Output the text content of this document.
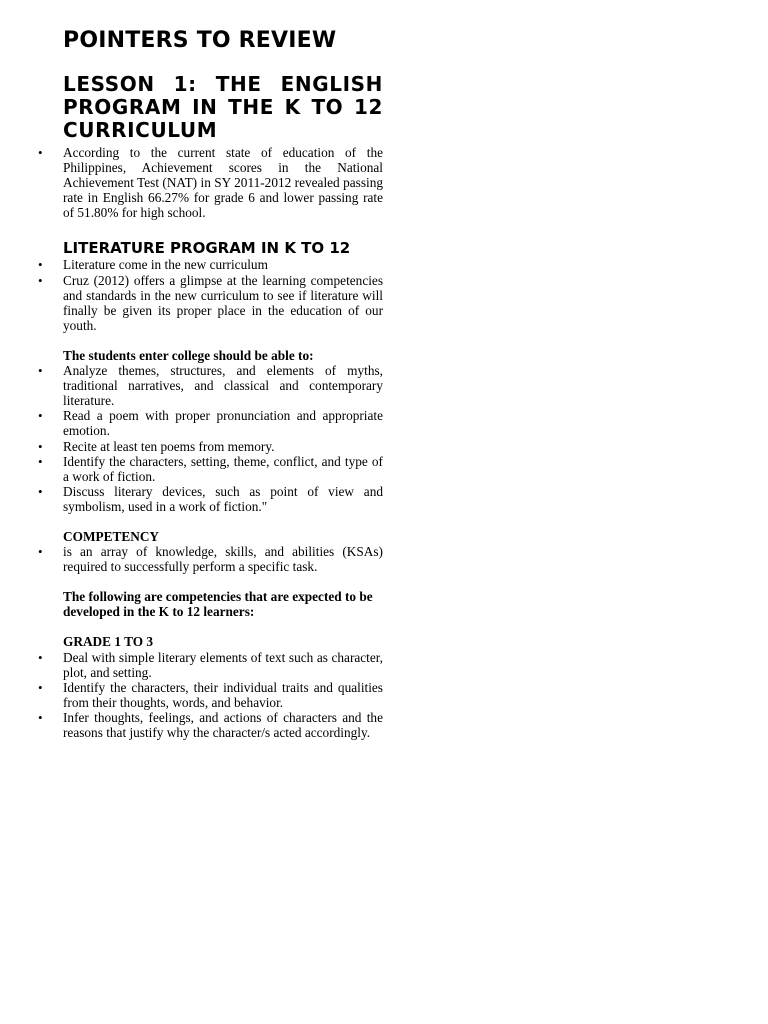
POINTERS TO REVIEW
LESSON 1: THE ENGLISH PROGRAM IN THE K TO 12 CURRICULUM
• According to the current state of education of the Philippines, Achievement scores in the National Achievement Test (NAT) in SY 2011-2012 revealed passing rate in English 66.27% for grade 6 and lower passing rate of 51.80% for high school.
LITERATURE PROGRAM IN K TO 12
• Literature come in the new curriculum
• Cruz (2012) offers a glimpse at the learning competencies and standards in the new curriculum to see if literature will finally be given its proper place in the education of our youth.

The students enter college should be able to:

• Analyze themes, structures, and elements of myths, traditional narratives, and classical and contemporary literature.
• Read a poem with proper pronunciation and appropriate emotion.
• Recite at least ten poems from memory.
• Identify the characters, setting, theme, conflict, and type of a work of fiction.
• Discuss literary devices, such as point of view and symbolism, used in a work of fiction."

COMPETENCY

• is an array of knowledge, skills, and abilities (KSAs) required to successfully perform a specific task.

The following are competencies that are expected to be developed in the K to 12 learners:

GRADE 1 TO 3

• Deal with simple literary elements of text such as character, plot, and setting.
• Identify the characters, their individual traits and qualities from their thoughts, words, and behavior.
• Infer thoughts, feelings, and actions of characters and the reasons that justify why the character/s acted accordingly.
